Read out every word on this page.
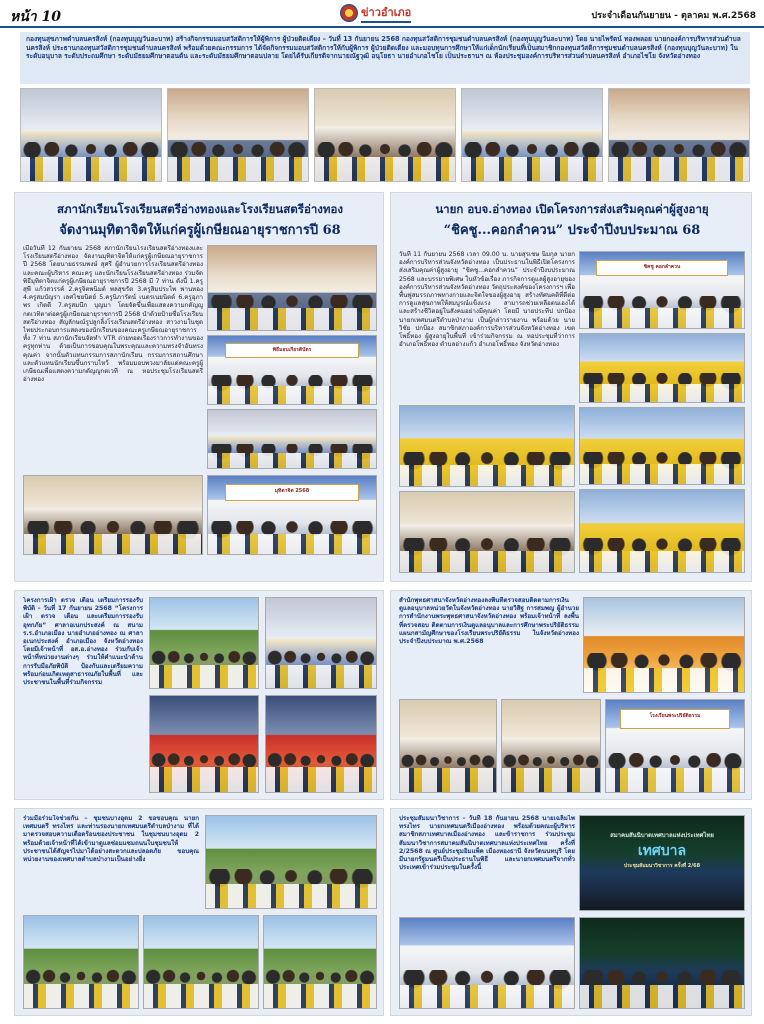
หน้า 10	ข่าวอำเภอ	ประจำเดือนกันยายน - ตุลาคม พ.ศ.2568
กองทุนสุขภาพตำบลนครสิงห์ (กองทุนบุญวันละบาท) สร้างกิจกรรมมอบสวัสดิการให้ผู้พิการ ผู้ป่วยติดเตียง – วันที่ 13 กันยายน 2568 กองทุนสวัสดิการชุมชนตำบลนครสิงห์ (กองทุนบุญวันละบาท) โดย นายไพรัตน์ ทองพลอย นายกองค์การบริหารส่วนตำบลนครสิงห์ ประธานกองทุนสวัสดิการชุมชนตำบลนครสิงห์ พร้อมด้วยคณะกรรมการ ได้จัดกิจกรรมมอบสวัสดิการให้กับผู้พิการ ผู้ป่วยติดเตียง และมอบทุนการศึกษาให้แก่เด็กนักเรียนที่เป็นสมาชิกกองทุนสวัสดิการชุมชนตำบลนครสิงห์ (กองทุนบุญวันละบาท) ในระดับอนุบาล ระดับประถมศึกษา ระดับมัธยมศึกษาตอนต้น และระดับมัธยมศึกษาตอนปลาย โดยได้รับเกียรติจากนายณัฐวุฒิ อนุโยธา นายอำเภอไชโย เป็นประธานฯ ณ ห้องประชุมองค์การบริหารส่วนตำบลนครสิงห์ อำเภอไชโย จังหวัดอ่างทอง
สภานักเรียนโรงเรียนสตรีอ่างทองและโรงเรียนสตรีอ่างทอง
จัดงานมุทิตาจิตให้แก่ครูผู้เกษียณอายุราชการปี 68
เมื่อวันที่ 12 กันยายน 2568 สภานักเรียนโรงเรียนสตรีอ่างทองและโรงเรียนสตรีอ่างทอง จัดงานมุทิตาจิตให้แก่ครูผู้เกษียณอายุราชการปี 2568 โดยนายธรรมพงษ์ สุศรี ผู้อำนวยการโรงเรียนสตรีอ่างทอง และคณะผู้บริหาร คณะครู และนักเรียนโรงเรียนสตรีอ่างทอง ร่วมจัดพิธีมุทิตาจิตแก่ครูผู้เกษียณอายุราชการปี 2568 มี 7 ท่าน ดังนี้ 1.ครูสุพี แก้วสวรรค์ 2.ครูจิตพนิมต์ พลสุขรัต 3.ครูสิมประไพ พานทอง 4.ครูสมบัญรา เลศไชยนิตย์ 5.ครูนิภารัตน์ เนตรเนยนิตต์ 6.ครูอุภาพร เกิดดี 7.ครูสมนึก บุญมา โดยจัดขึ้นเพื่อแสดงความกตัญญูกตเวทิตาต่อครูผู้เกษียณอายุราชการปี 2568 นำด้วยป้ายชื่อโรงเรียนสตรีอ่างทอง สัญลักษณ์รูปลูกลิ้งโรงเรียนสตรีอ่างทอง สาวงามในชุดไทยประกอบการแสดงของนักเรียนของคณะครูเกษียณอายุราชการทั้ง 7 ท่าน สภานักเรียนจัดทำ VTR ถ่ายทอดเรื่องราวการทำงานของครูทุกท่าน ด้วยเป็นการขอบคุณในพระคุณและความทรงจำอันทรงคุณค่า จากนั้นตัวแทนกรรมการสภานักเรียน กรรมการสถานศึกษา และตัวแทนนักเรียนขึ้นกราบไหว้ พร้อมมอบพวงมาลัยแด่คณะครูผู้เกษียณเพื่อแสดงความกตัญญูกตเวที ณ หอประชุมโรงเรียนสตรีอ่างทอง
พิธีมอบเกียรติบัตร
มุทิตาจิต 2568
นายก อบจ.อ่างทอง เปิดโครงการส่งเสริมคุณค่าผู้สูงอายุ
“ชิคชู...คอกลำควน” ประจำปีงบประมาณ 68
วันที่ 11 กันยายน 2568 เวลา 09.00 น. นายสุรเชษ นิ่มกุล นายกองค์การบริหารส่วนจังหวัดอ่างทอง เป็นประธานในพิธีเปิดโครงการส่งเสริมคุณค่าผู้สูงอายุ “ชิคชู...คอกลำควน” ประจำปีงบประมาณ 2568 และบรรยายพิเศษ ในหัวข้อเรื่อง ภารกิจการดูแลผู้สูงอายุขององค์การบริหารส่วนจังหวัดอ่างทอง วัตถุประสงค์ของโครงการฯ เพื่อพื้นฟูสมรรถภาพทางกายและจิตใจของผู้สูงอายุ สร้างทัศนคติที่ดีต่อการดูแลสุขภาพให้สมบูรณ์แข็งแรง สามารถช่วยเหลือตนเองได้ และสร้างชีวิตอยู่ในสังคมอย่างมีคุณค่า โดยมี นายประทีป ปกป้อง นายกเทศมนตรีตำบลป่างาม เป็นผู้กล่าวรายงาน พร้อมด้วย นายวิชัย ปกป้อง สมาชิกสภาองค์การบริหารส่วนจังหวัดอ่างทอง เขต โพธิ์ทอง ผู้สูงอายุในพื้นที่ เข้าร่วมกิจกรรม ณ หอประชุมที่ว่าการอำเภอโพธิ์ทอง ตำบลอ่างแก้ว อำเภอโพธิ์ทอง จังหวัดอ่างทอง
ชิคชู คอกลำควน
โครงการเฝ้า ตรวจ เตือน เตรียมการรองรับพิบัติ – วันที่ 17 กันยายน 2568 “โครงการเฝ้า ตรวจ เตือน และเตรียมการรองรับอุทกภัย” ศาลาอเนกประสงค์ ณ สนาม ร.ร.อำเภอเมือง นายอำเภออ่างทอง ณ ศาลาอเนกประสงค์ อำเภอเมือง จังหวัดอ่างทอง โดยมีเจ้าหน้าที่ อส.อ.อ่างทอง ร่วมกับเจ้าหน้าที่หน่วยงานต่างๆ ร่วมให้คำแนะนำด้านการรับมือภัยพิบัติ ป้องกันและเตรียมความพร้อมก่อนเกิดเหตุสาธารณภัยในพื้นที่ และประชาชนในพื้นที่ร่วมกิจกรรม
สำนักพุทธศาสนาจังหวัดอ่างทองลงพื้นที่ตรวจสอบติดตามการเงินดูแลอนุบาลหน่วยวัดในจังหวัดอ่างทอง นายวิสิฐ การสมพญ ผู้อำนวยการสำนักงานพระพุทธศาสนาจังหวัดอ่างทอง พร้อมเจ้าหน้าที่ ลงพื้นที่ตรวจสอบ ติดตามการเงินดูแลอนุบาลและการศึกษาพระปริยัติธรรม แผนกสามัญศึกษาของโรงเรียนพระปริยัติธรรม ในจังหวัดอ่างทอง ประจำปีงบประมาณ พ.ศ.2568
โรงเรียนพระปริยัติธรรม
ร่วมมือร่วมใจช่วยกัน – ชุมชนบางอุดม 2 ขอขอบคุณ นายกเทศมนตรี ทรงไทร และท่านรองนายกเทศมนตรีตำบลป่างาม ที่ได้มาตรวจสอบความเดือดร้อนของประชาชน ในชุมชนบางอุดม 2 พร้อมด้วยเจ้าหน้าที่ได้เข้ามาดูแลซ่อมแซมถนนในชุมชนให้ประชาชนได้สัญจรไปมาได้อย่างสะดวกและปลอดภัย ขอบคุณหน่วยงานของเทศบาลตำบลป่างามเป็นอย่างยิ่ง
ประชุมสัมมนาวิชาการ – วันที่ 18 กันยายน 2568 นายเฉลิมไพ ทรงไทร นายกเทศมนตรีเมืองอ่างทอง พร้อมด้วยคณะผู้บริหาร สมาชิกสภาเทศบาลเมืองอ่างทอง และข้าราชการ ร่วมประชุมสัมมนาวิชาการสมาคมสันนิบาตเทศบาลแห่งประเทศไทย ครั้งที่ 2/2568 ณ ศูนย์ประชุมอิมแพ็ค เมืองทองธานี จังหวัดนนทบุรี โดยมีนายกรัฐมนตรีเป็นประธานในพิธี และนายกเทศมนตรีจากทั่วประเทศเข้าร่วมประชุมในครั้งนี้
สมาคมสันนิบาตเทศบาลแห่งประเทศไทย
เทศบาล
ประชุมสัมมนาวิชาการ ครั้งที่ 2/68
